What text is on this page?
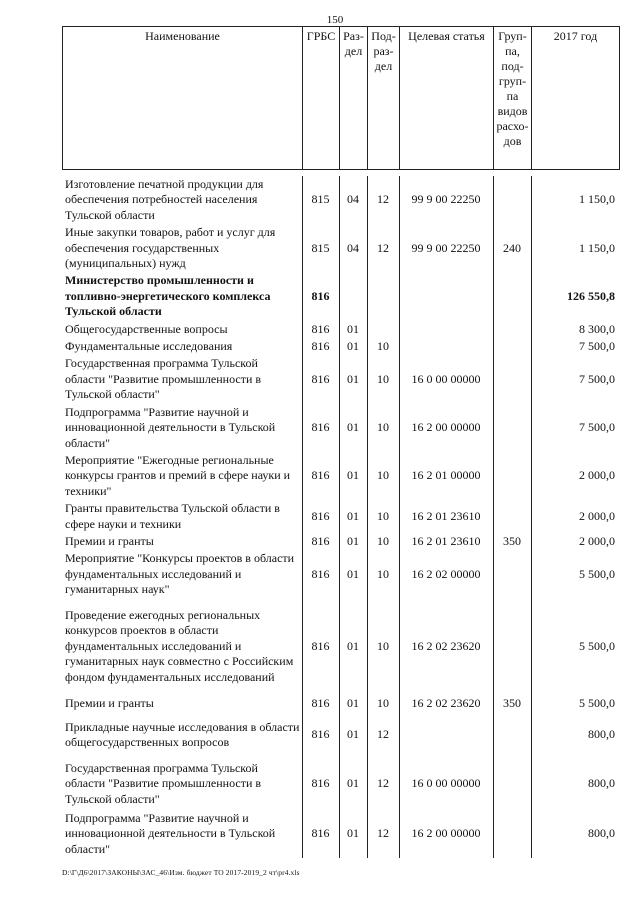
150
Наименование	ГРБС	Раз-
дел	Под-
раз-
дел	Целевая статья	Груп-
па,
под-
груп-
па
видов
расхо-
дов	2017 год
Изготовление печатной продукции для обеспечения потребностей населения Тульской области	815	04	12	99 9 00 22250		1 150,0
Иные закупки товаров, работ и услуг для обеспечения государственных (муниципальных) нужд	815	04	12	99 9 00 22250	240	1 150,0
Министерство промышленности и топливно-энергетического комплекса Тульской области	816					126 550,8
Общегосударственные вопросы	816	01				8 300,0
Фундаментальные исследования	816	01	10			7 500,0
Государственная программа Тульской области "Развитие промышленности в Тульской области"	816	01	10	16 0 00 00000		7 500,0
Подпрограмма "Развитие научной и инновационной деятельности в Тульской области"	816	01	10	16 2 00 00000		7 500,0
Мероприятие "Ежегодные региональные конкурсы грантов и премий в сфере науки и техники"	816	01	10	16 2 01 00000		2 000,0
Гранты правительства Тульской области в сфере науки и техники	816	01	10	16 2 01 23610		2 000,0
Премии и гранты	816	01	10	16 2 01 23610	350	2 000,0
Мероприятие "Конкурсы проектов в области фундаментальных исследований и гуманитарных наук"	816	01	10	16 2 02 00000		5 500,0
Проведение ежегодных региональных конкурсов проектов в области фундаментальных исследований и гуманитарных наук совместно с Российским фондом фундаментальных исследований	816	01	10	16 2 02 23620		5 500,0
Премии и гранты	816	01	10	16 2 02 23620	350	5 500,0
Прикладные научные исследования в области общегосударственных вопросов	816	01	12			800,0
Государственная программа Тульской области "Развитие промышленности в Тульской области"	816	01	12	16 0 00 00000		800,0
Подпрограмма "Развитие научной и инновационной деятельности в Тульской области"	816	01	12	16 2 00 00000		800,0
D:\Г\Д6\2017\ЗАКОНЫ\ЗАС_46\Изм. бюджет ТО 2017-2019_2 чт\pr4.xls
